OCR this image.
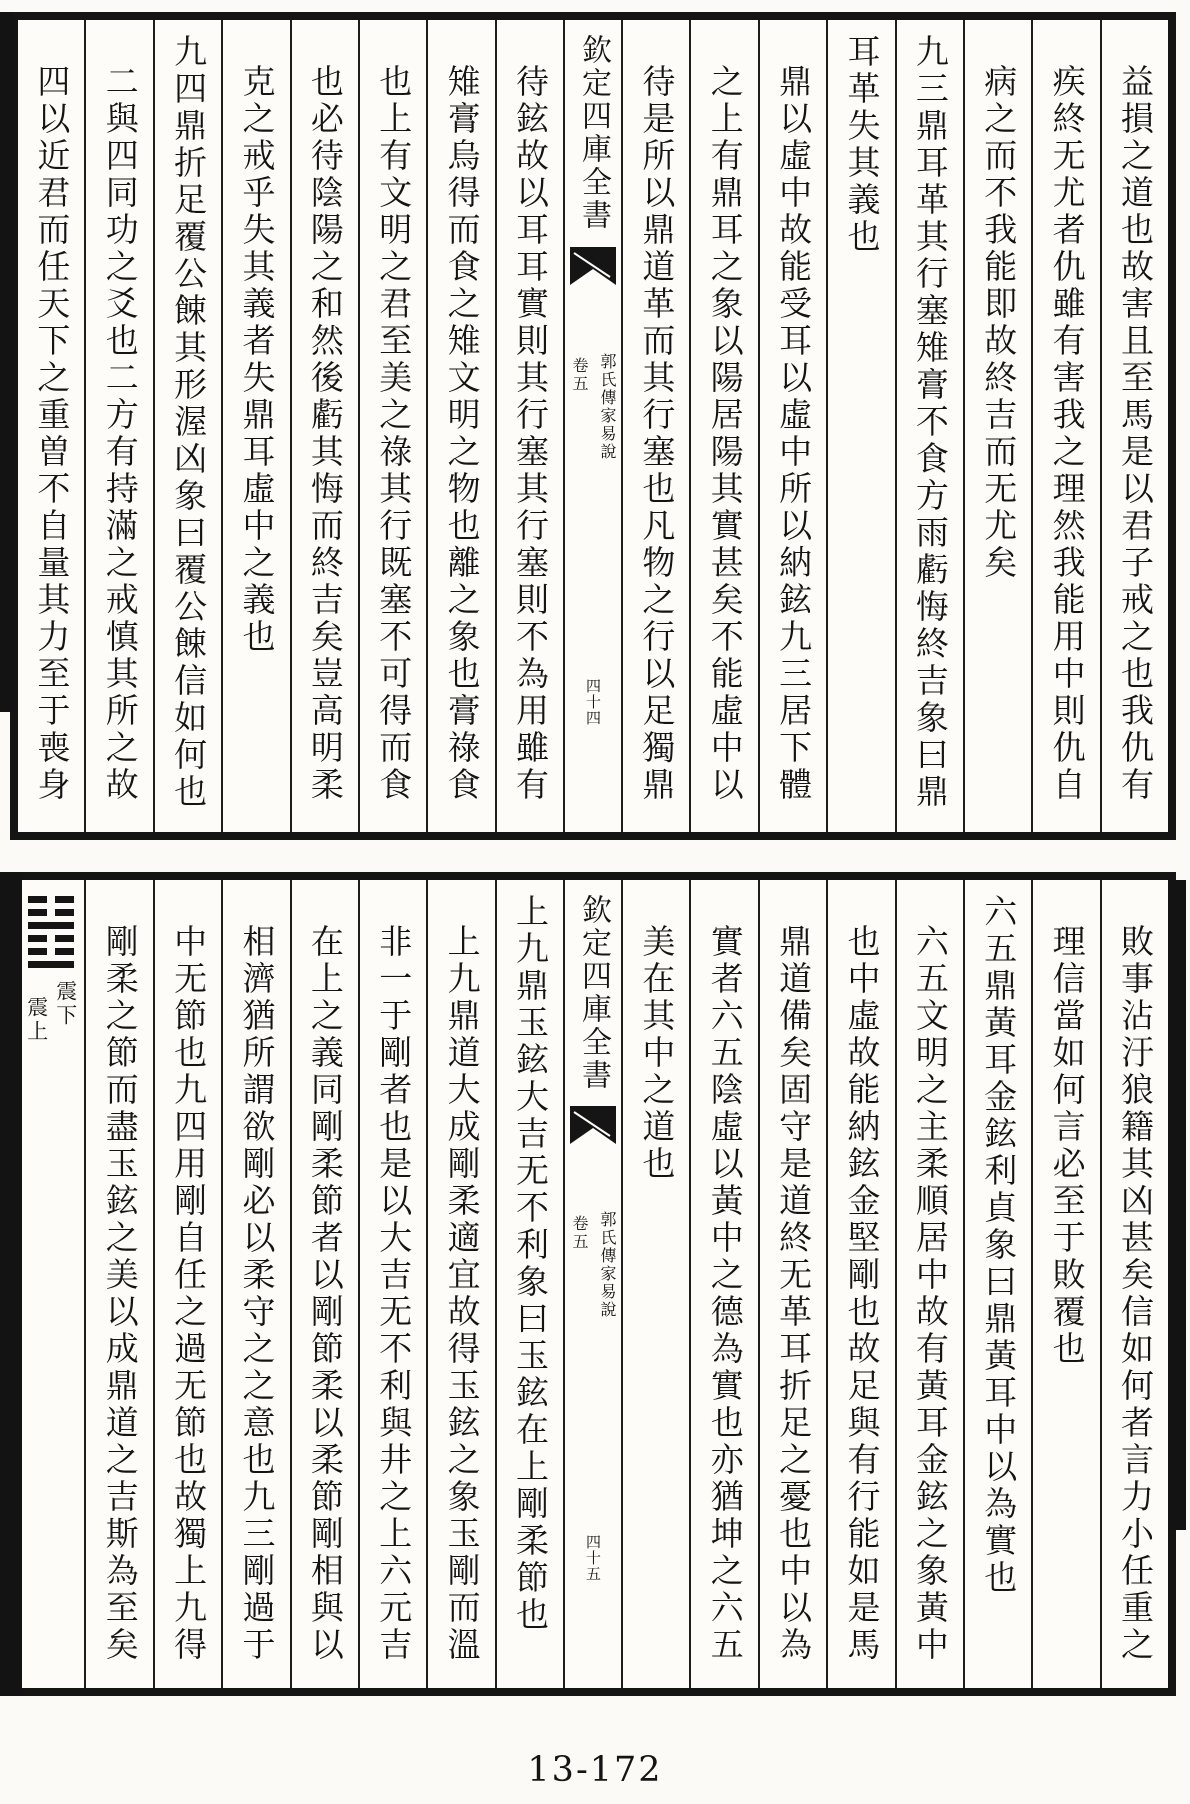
益損之道也故害且至馬是以君子戒之也我仇有
疾終无尤者仇雖有害我之理然我能用中則仇自
病之而不我能即故終吉而无尤矣
九三鼎耳革其行塞雉膏不食方雨虧悔終吉象曰鼎
耳革失其義也
鼎以虛中故能受耳以虛中所以納鉉九三居下體
之上有鼎耳之象以陽居陽其實甚矣不能虛中以
待是所以鼎道革而其行塞也凡物之行以足獨鼎
欽定四庫全書
郭氏傳家易說
卷五
四十四
待鉉故以耳耳實則其行塞其行塞則不為用雖有
雉膏烏得而食之雉文明之物也離之象也膏祿食
也上有文明之君至美之祿其行既塞不可得而食
也必待陰陽之和然後虧其悔而終吉矣豈高明柔
克之戒乎失其義者失鼎耳虛中之義也
九四鼎折足覆公餗其形渥凶象曰覆公餗信如何也
二與四同功之爻也二方有持滿之戒慎其所之故
四以近君而任天下之重曽不自量其力至于喪身
敗事沾汙狼籍其凶甚矣信如何者言力小任重之
理信當如何言必至于敗覆也
六五鼎黃耳金鉉利貞象曰鼎黃耳中以為實也
六五文明之主柔順居中故有黃耳金鉉之象黃中
也中虛故能納鉉金堅剛也故足與有行能如是馬
鼎道備矣固守是道終无革耳折足之憂也中以為
實者六五陰虛以黃中之德為實也亦猶坤之六五
美在其中之道也
欽定四庫全書
郭氏傳家易說
卷五
四十五
上九鼎玉鉉大吉无不利象曰玉鉉在上剛柔節也
上九鼎道大成剛柔適宜故得玉鉉之象玉剛而溫
非一于剛者也是以大吉无不利與井之上六元吉
在上之義同剛柔節者以剛節柔以柔節剛相與以
相濟猶所謂欲剛必以柔守之之意也九三剛過于
中无節也九四用剛自任之過无節也故獨上九得
剛柔之節而盡玉鉉之美以成鼎道之吉斯為至矣
震下
震上
13-172
